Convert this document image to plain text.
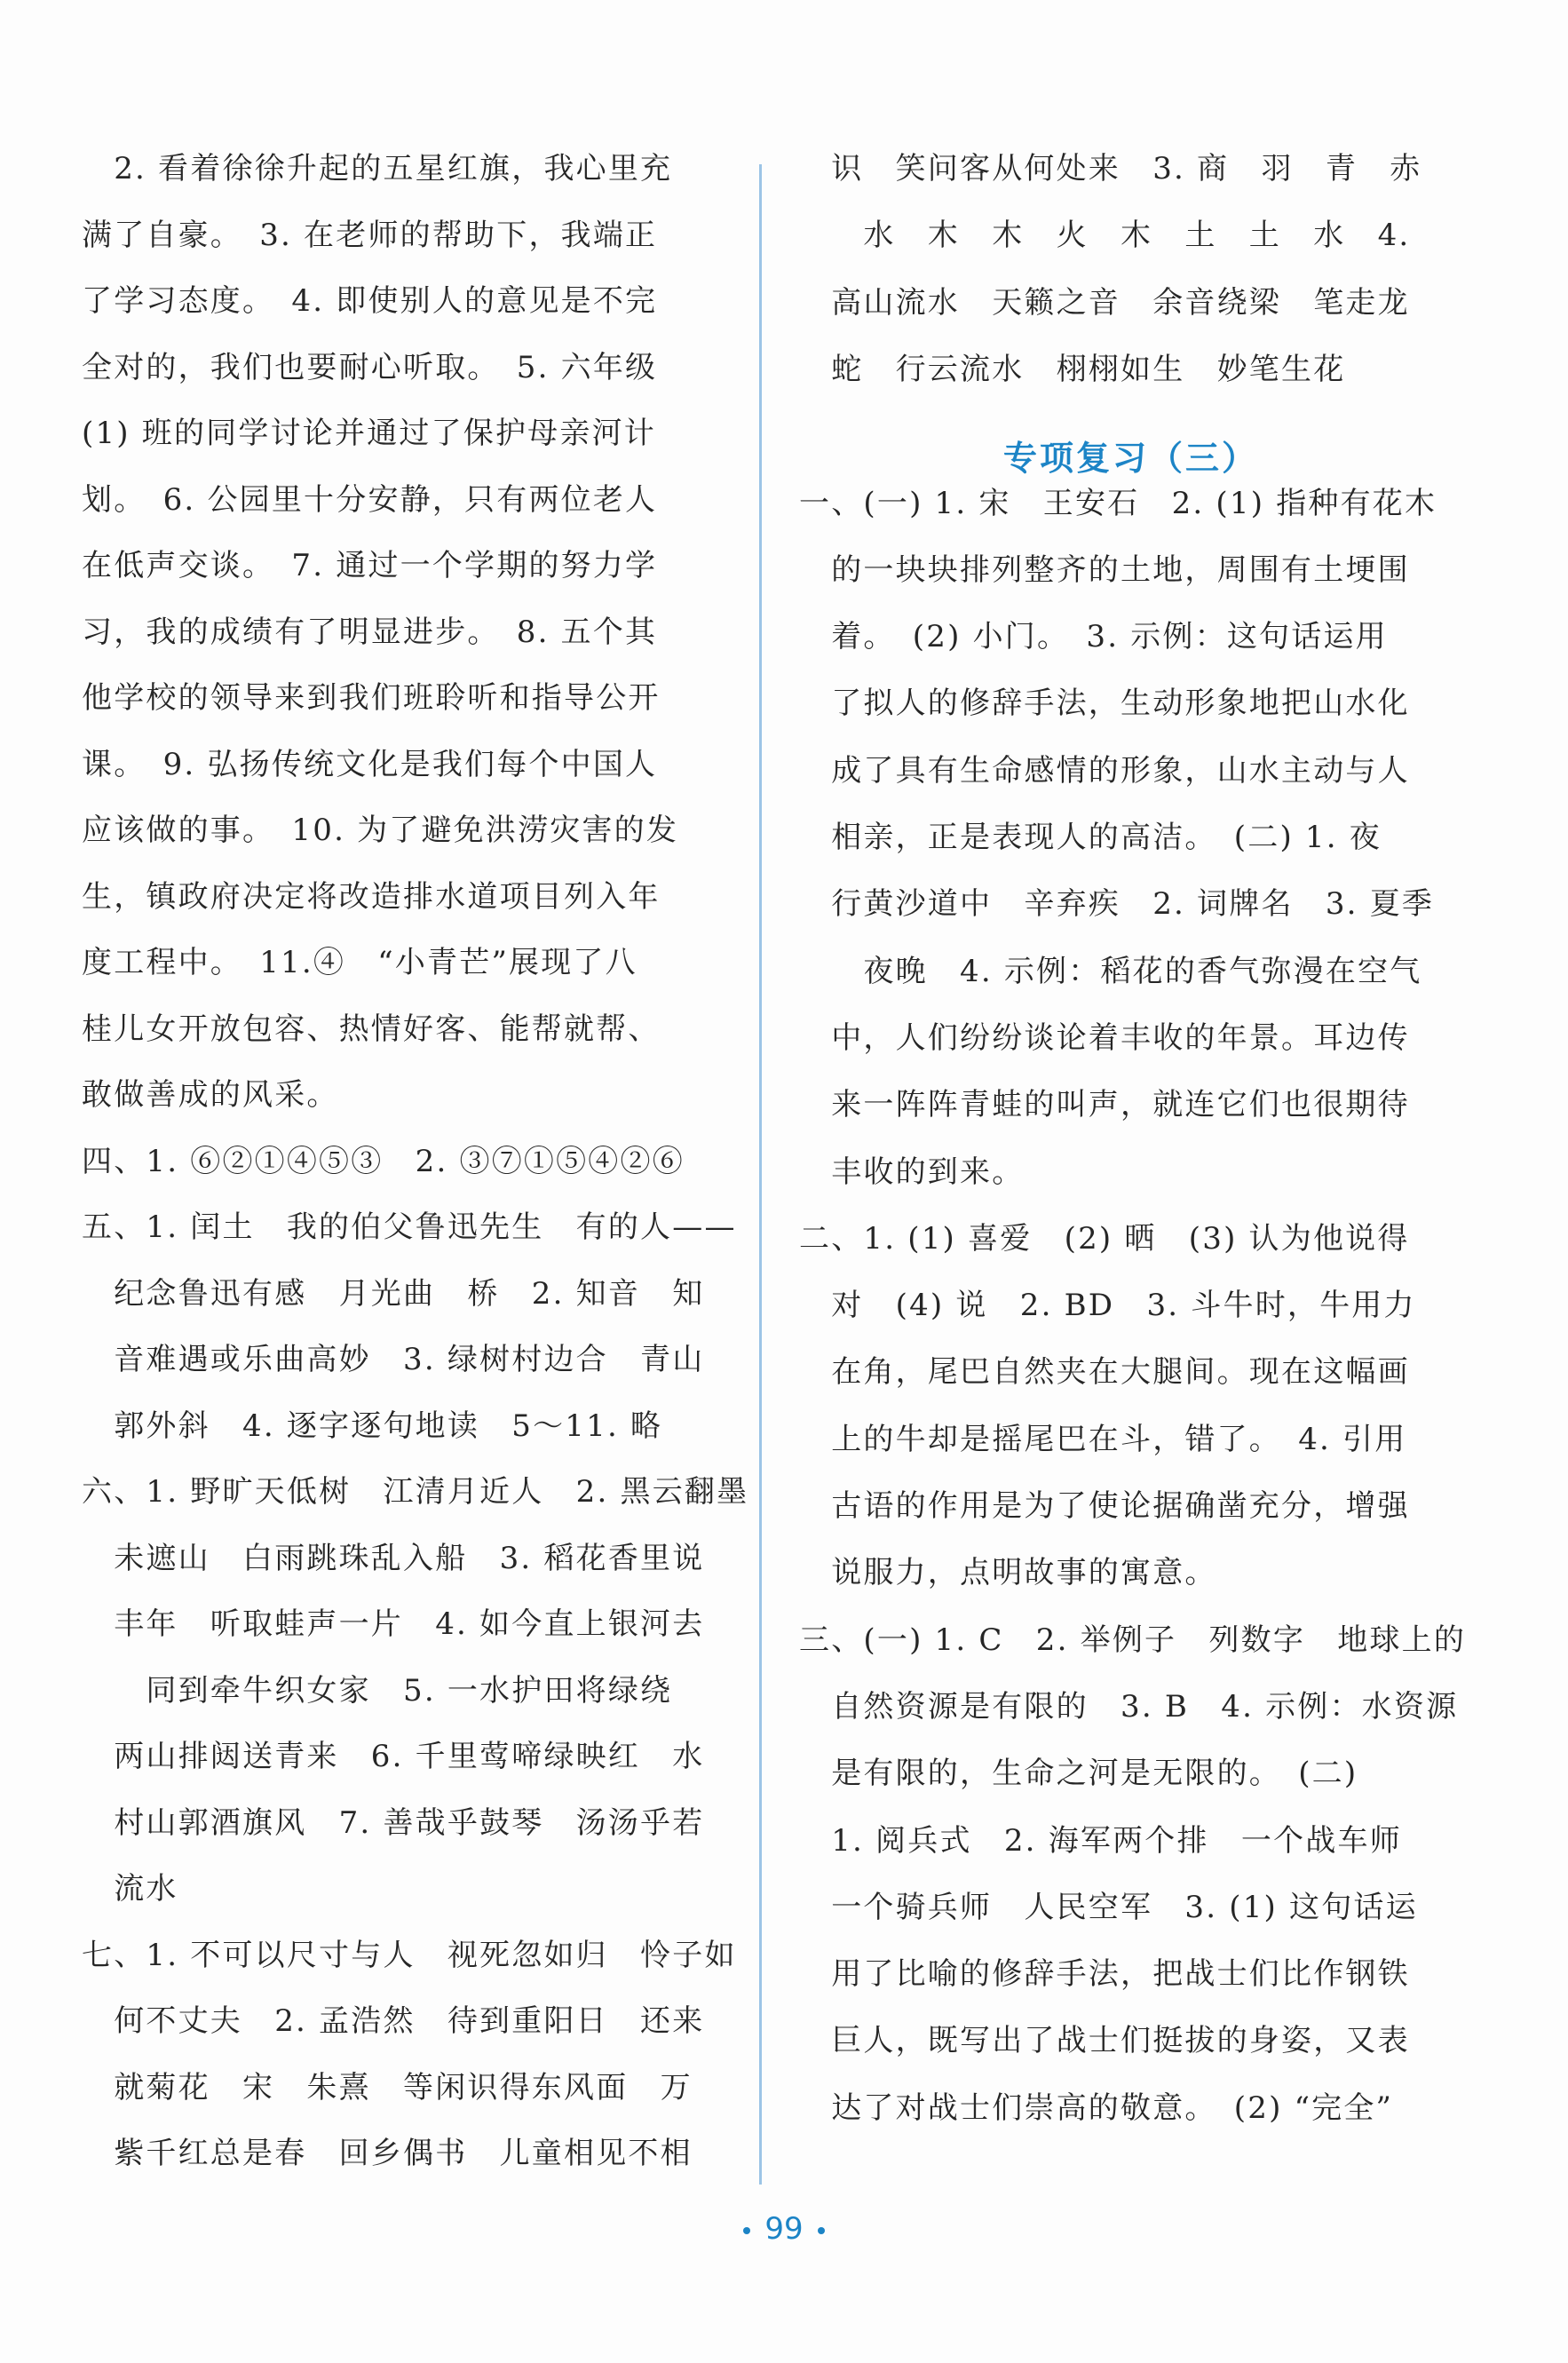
　2. 看着徐徐升起的五星红旗，我心里充
满了自豪。　3. 在老师的帮助下，我端正
了学习态度。　4. 即使别人的意见是不完
全对的，我们也要耐心听取。　5. 六年级
(1) 班的同学讨论并通过了保护母亲河计
划。　6. 公园里十分安静，只有两位老人
在低声交谈。　7. 通过一个学期的努力学
习，我的成绩有了明显进步。　8. 五个其
他学校的领导来到我们班聆听和指导公开
课。　9. 弘扬传统文化是我们每个中国人
应该做的事。　10. 为了避免洪涝灾害的发
生，镇政府决定将改造排水道项目列入年
度工程中。　11.④　“小青芒”展现了八
桂儿女开放包容、热情好客、能帮就帮、
敢做善成的风采。
四、1. ⑥②①④⑤③　2. ③⑦①⑤④②⑥
五、1. 闰土　我的伯父鲁迅先生　有的人——
　纪念鲁迅有感　月光曲　桥　2. 知音　知
　音难遇或乐曲高妙　3. 绿树村边合　青山
　郭外斜　4. 逐字逐句地读　5～11. 略
六、1. 野旷天低树　江清月近人　2. 黑云翻墨
　未遮山　白雨跳珠乱入船　3. 稻花香里说
　丰年　听取蛙声一片　4. 如今直上银河去
　　同到牵牛织女家　5. 一水护田将绿绕
　两山排闼送青来　6. 千里莺啼绿映红　水
　村山郭酒旗风　7. 善哉乎鼓琴　汤汤乎若
　流水
七、1. 不可以尺寸与人　视死忽如归　怜子如
　何不丈夫　2. 孟浩然　待到重阳日　还来
　就菊花　宋　朱熹　等闲识得东风面　万
　紫千红总是春　回乡偶书　儿童相见不相
　识　笑问客从何处来　3. 商　羽　青　赤
　　水　木　木　火　木　土　土　水　4.
　高山流水　天籁之音　余音绕梁　笔走龙
　蛇　行云流水　栩栩如生　妙笔生花
一、(一) 1. 宋　王安石　2. (1) 指种有花木
　的一块块排列整齐的土地，周围有土埂围
　着。　(2) 小门。　3. 示例：这句话运用
　了拟人的修辞手法，生动形象地把山水化
　成了具有生命感情的形象，山水主动与人
　相亲，正是表现人的高洁。　(二) 1. 夜
　行黄沙道中　辛弃疾　2. 词牌名　3. 夏季
　　夜晚　4. 示例：稻花的香气弥漫在空气
　中，人们纷纷谈论着丰收的年景。耳边传
　来一阵阵青蛙的叫声，就连它们也很期待
　丰收的到来。
二、1. (1) 喜爱　(2) 晒　(3) 认为他说得
　对　(4) 说　2. BD　3. 斗牛时，牛用力
　在角，尾巴自然夹在大腿间。现在这幅画
　上的牛却是摇尾巴在斗，错了。　4. 引用
　古语的作用是为了使论据确凿充分，增强
　说服力，点明故事的寓意。
三、(一) 1. C　2. 举例子　列数字　地球上的
　自然资源是有限的　3. B　4. 示例：水资源
　是有限的，生命之河是无限的。　(二)
　1. 阅兵式　2. 海军两个排　一个战车师
　一个骑兵师　人民空军　3. (1) 这句话运
　用了比喻的修辞手法，把战士们比作钢铁
　巨人，既写出了战士们挺拔的身姿，又表
　达了对战士们崇高的敬意。　(2) “完全”
专项复习（三）
99
